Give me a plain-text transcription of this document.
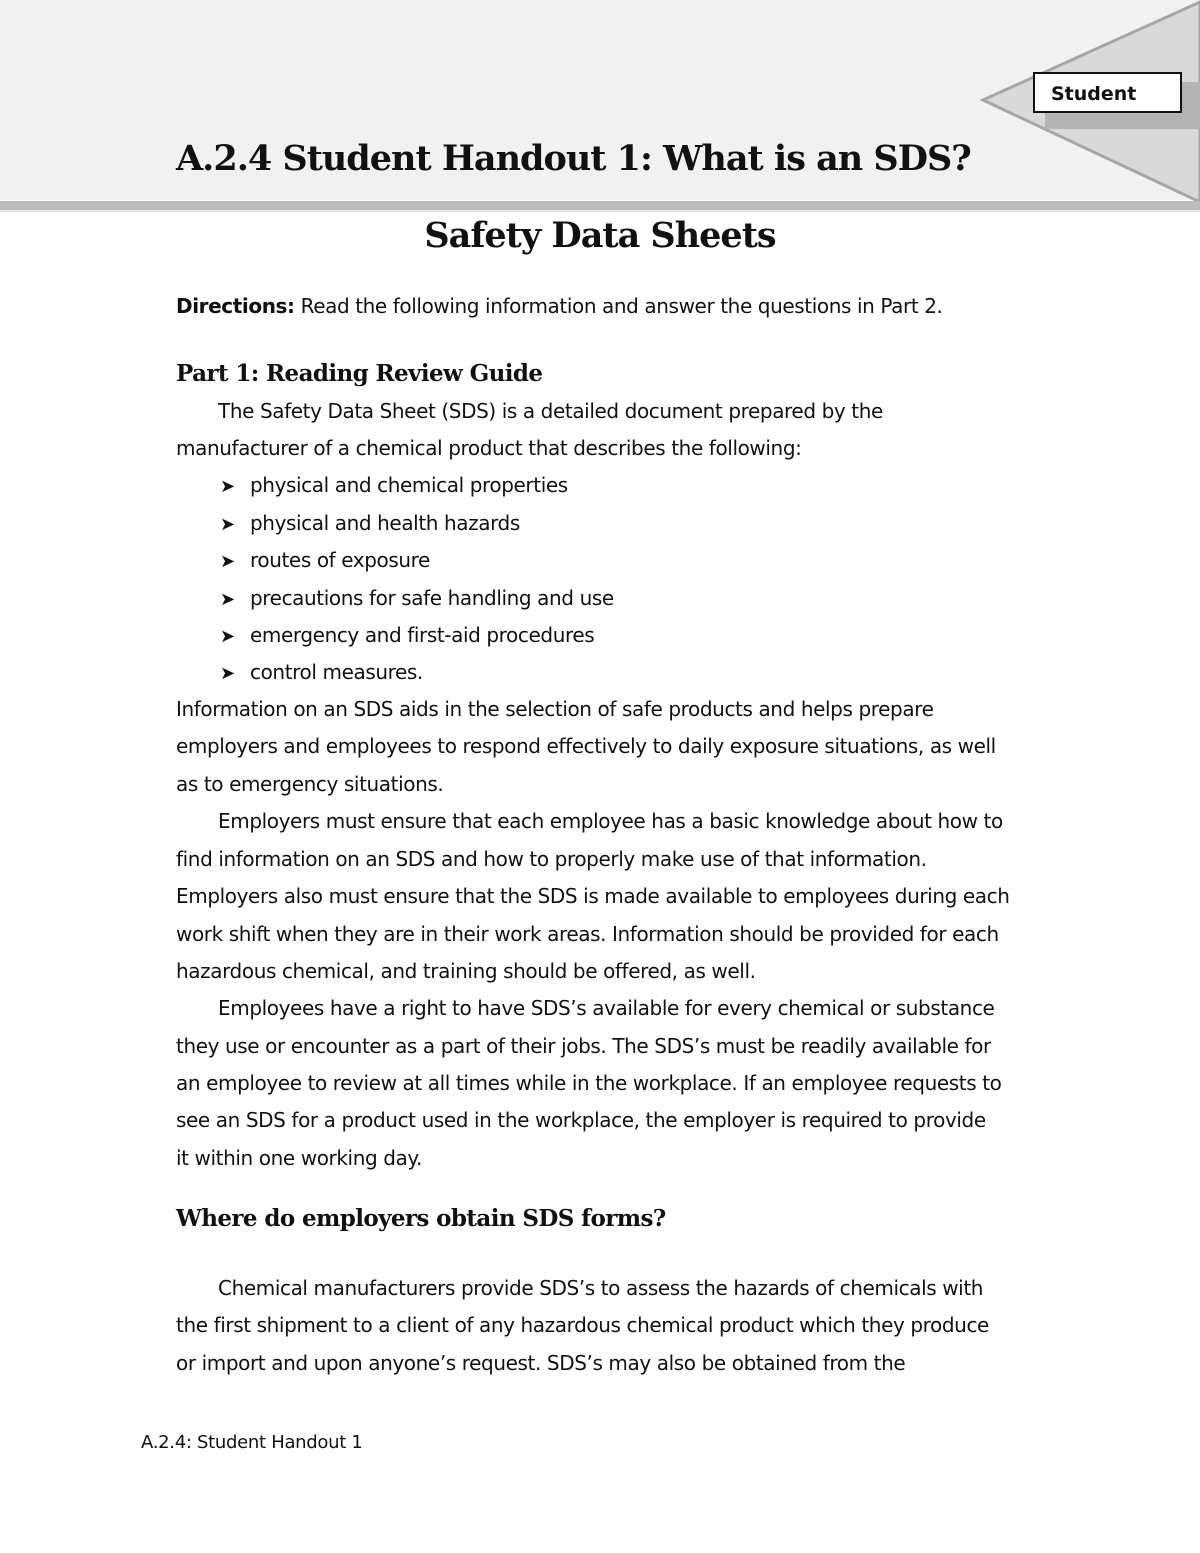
Student
A.2.4 Student Handout 1: What is an SDS?
Safety Data Sheets
Directions: Read the following information and answer the questions in Part 2.
Part 1: Reading Review Guide
The Safety Data Sheet (SDS) is a detailed document prepared by the
manufacturer of a chemical product that describes the following:
➤ physical and chemical properties
➤ physical and health hazards
➤ routes of exposure
➤ precautions for safe handling and use
➤ emergency and first-aid procedures
➤ control measures.
Information on an SDS aids in the selection of safe products and helps prepare
employers and employees to respond effectively to daily exposure situations, as well
as to emergency situations.
Employers must ensure that each employee has a basic knowledge about how to
find information on an SDS and how to properly make use of that information.
Employers also must ensure that the SDS is made available to employees during each
work shift when they are in their work areas. Information should be provided for each
hazardous chemical, and training should be offered, as well.
Employees have a right to have SDS’s available for every chemical or substance
they use or encounter as a part of their jobs. The SDS’s must be readily available for
an employee to review at all times while in the workplace. If an employee requests to
see an SDS for a product used in the workplace, the employer is required to provide
it within one working day.
Where do employers obtain SDS forms?
Chemical manufacturers provide SDS’s to assess the hazards of chemicals with
the first shipment to a client of any hazardous chemical product which they produce
or import and upon anyone’s request. SDS’s may also be obtained from the
A.2.4: Student Handout 1
